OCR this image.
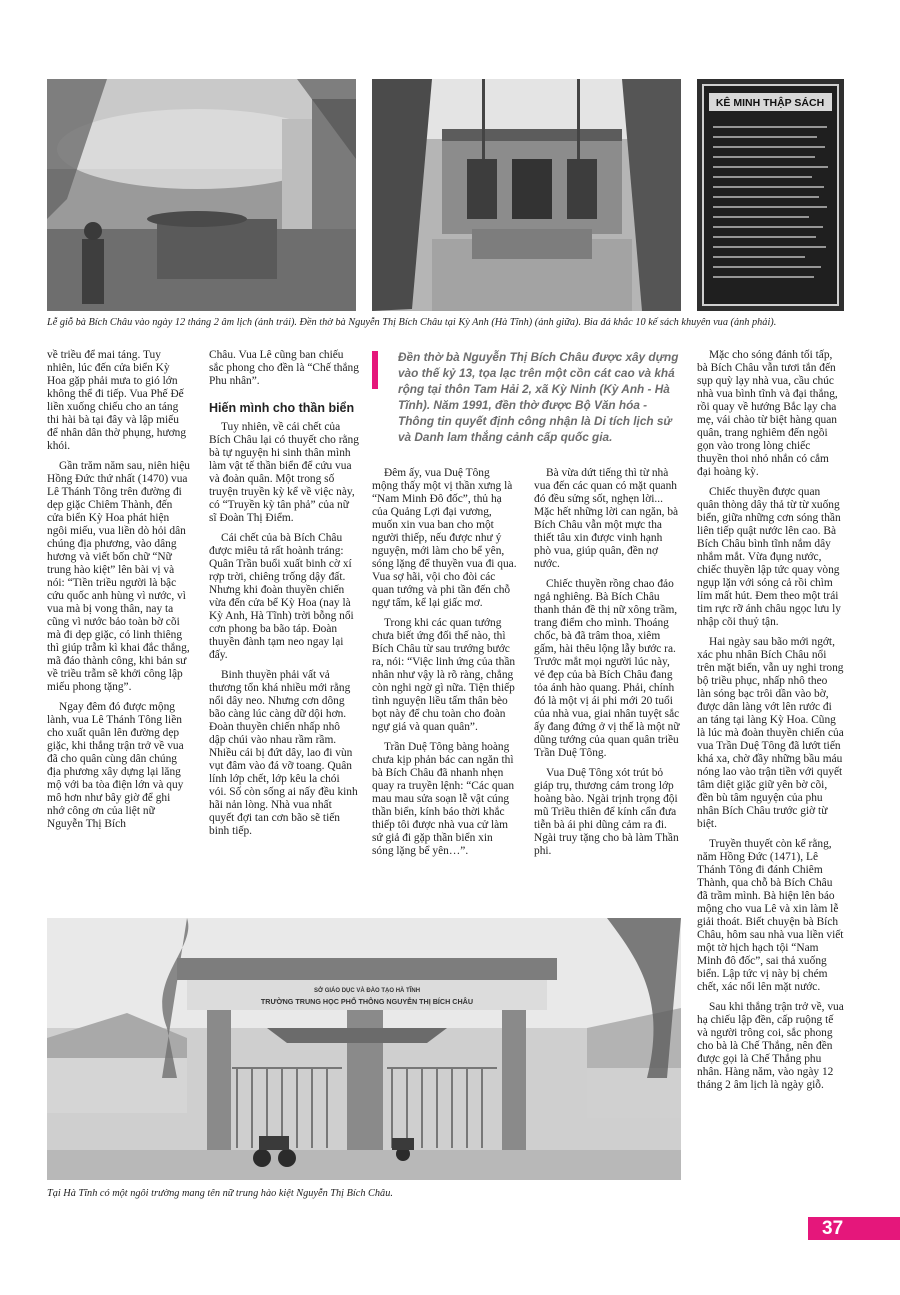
KÊ MINH THẬP SÁCH
Lễ giỗ bà Bích Châu vào ngày 12 tháng 2 âm lịch (ảnh trái). Đền thờ bà Nguyễn Thị Bích Châu tại Kỳ Anh (Hà Tĩnh) (ảnh giữa). Bia đá khắc 10 kế sách khuyên vua (ảnh phải).

về triều để mai táng. Tuy nhiên, lúc đến cửa biển Kỳ Hoa gặp phải mưa to gió lớn không thể đi tiếp. Vua Phế Đế liền xuống chiếu cho an táng thi hài bà tại đây và lập miếu để nhân dân thờ phụng, hương khói.

Gần trăm năm sau, niên hiệu Hồng Đức thứ nhất (1470) vua Lê Thánh Tông trên đường đi dẹp giặc Chiêm Thành, đến cửa biển Kỳ Hoa phát hiện ngôi miếu, vua liền dò hỏi dân chúng địa phương, vào dâng hương và viết bốn chữ “Nữ trung hào kiệt” lên bài vị và nói: “Tiền triều người là bậc cứu quốc anh hùng vì nước, vì vua mà bị vong thân, nay ta cũng vì nước bảo toàn bờ cõi mà đi dẹp giặc, có linh thiêng thì giúp trẫm kì khai đắc thắng, mã đáo thành công, khi bản sư về triều trẫm sẽ khởi công lập miếu phong tặng”.

Ngay đêm đó được mộng lành, vua Lê Thánh Tông liền cho xuất quân lên đường dẹp giặc, khi thắng trận trở về vua đã cho quân cùng dân chúng địa phương xây dựng lại lăng mộ với ba tòa điện lớn và quy mô hơn như bây giờ để ghi nhớ công ơn của liệt nữ Nguyễn Thị Bích

Châu. Vua Lê cũng ban chiếu sắc phong cho đền là “Chế thắng Phu nhân”.

Hiến mình cho thần biển

Tuy nhiên, về cái chết của Bích Châu lại có thuyết cho rằng bà tự nguyện hi sinh thân mình làm vật tế thần biển để cứu vua và đoàn quân. Một trong số truyện truyền kỳ kể về việc này, có “Truyền kỳ tân phả” của nữ sĩ Đoàn Thị Điểm.

Cái chết của bà Bích Châu được miêu tả rất hoành tráng: Quân Trần buổi xuất binh cờ xí rợp trời, chiêng trống dậy đất. Nhưng khi đoàn thuyền chiến vừa đến cửa bể Kỳ Hoa (nay là Kỳ Anh, Hà Tĩnh) trời bỗng nổi cơn phong ba bão táp. Đoàn thuyền đành tạm neo ngay lại đấy.

Binh thuyền phải vất vả thương tổn khá nhiều mới rằng nổi dây neo. Nhưng cơn dông bão càng lúc càng dữ dội hơn. Đoàn thuyền chiến nhấp nhô dập chúi vào nhau rầm rầm. Nhiều cái bị đứt dây, lao đi vùn vụt đâm vào đá vỡ toang. Quân lính lớp chết, lớp kêu la chói vói. Số còn sống ai nấy đều kinh hãi nản lòng. Nhà vua nhất quyết đợi tan cơn bão sẽ tiến binh tiếp.

Đền thờ bà Nguyễn Thị Bích Châu được xây dựng vào thế kỷ 13, tọa lạc trên một cồn cát cao và khá rộng tại thôn Tam Hải 2, xã Kỳ Ninh (Kỳ Anh - Hà Tĩnh). Năm 1991, đền thờ được Bộ Văn hóa - Thông tin quyết định công nhận là Di tích lịch sử và Danh lam thắng cảnh cấp quốc gia.

Đêm ấy, vua Duệ Tông mộng thấy một vị thần xưng là “Nam Minh Đô đốc”, thủ hạ của Quảng Lợi đại vương, muốn xin vua ban cho một người thiếp, nếu được như ý nguyện, mới làm cho bể yên, sóng lặng để thuyền vua đi qua. Vua sợ hãi, vội cho đòi các quan tướng và phi tần đến chỗ ngự tấm, kể lại giấc mơ.

Trong khi các quan tướng chưa biết ứng đối thế nào, thì Bích Châu từ sau trướng bước ra, nói: “Việc linh ứng của thần nhân như vậy là rõ ràng, chẳng còn nghi ngờ gì nữa. Tiện thiếp tình nguyện liều tấm thân bèo bọt này để chu toàn cho đoàn ngự giá và quan quân”.

Trần Duệ Tông bàng hoàng chưa kịp phản bác can ngăn thì bà Bích Châu đã nhanh nhẹn quay ra truyền lệnh: “Các quan mau mau sửa soạn lễ vật cúng thần biển, kính báo thời khắc thiếp tôi được nhà vua cử làm sứ giả đi gặp thần biển xin sóng lặng bể yên…”.

Bà vừa dứt tiếng thì từ nhà vua đến các quan có mặt quanh đó đều sửng sốt, nghẹn lời... Mặc hết những lời can ngăn, bà Bích Châu vẫn một mực tha thiết tâu xin được vinh hạnh phò vua, giúp quân, đền nợ nước.

Chiếc thuyền rồng chao đảo ngả nghiêng. Bà Bích Châu thanh thản đề thị nữ xông trầm, trang điểm cho mình. Thoáng chốc, bà đã trâm thoa, xiêm gấm, hài thêu lộng lẫy bước ra. Trước mắt mọi người lúc này, vẻ đẹp của bà Bích Châu đang tỏa ánh hào quang. Phải, chính đó là một vị ái phi mới 20 tuổi của nhà vua, giai nhân tuyệt sắc ấy đang đứng ở vị thế là một nữ dũng tướng của quan quân triều Trần Duệ Tông.

Vua Duệ Tông xót trút bỏ giáp trụ, thương cảm trong lớp hoàng bào. Ngài trịnh trọng đội mũ Triều thiên để kính cẩn đưa tiễn bà ái phi dũng cảm ra đi. Ngài truy tặng cho bà làm Thần phi.

Mặc cho sóng đánh tối tấp, bà Bích Châu vẫn tươi tắn đến sụp quỳ lạy nhà vua, cầu chúc nhà vua bình tĩnh và đại thắng, rồi quay về hướng Bắc lạy cha mẹ, vái chào từ biệt hàng quan quân, trang nghiêm đến ngồi gọn vào trong lòng chiếc thuyền thoi nhỏ nhắn có cắm đại hoàng kỳ.

Chiếc thuyền được quan quân thòng dây thả từ từ xuống biển, giữa những cơn sóng thần liên tiếp quật nước lên cao. Bà Bích Châu bình tĩnh nắm dây nhắm mắt. Vừa đụng nước, chiếc thuyền lập tức quay vòng ngụp lặn với sóng cả rồi chìm lỉm mất hút. Đem theo một trái tim rực rỡ ánh châu ngọc lưu ly nhập cõi thuỷ tận.

Hai ngày sau bão mới ngớt, xác phu nhân Bích Châu nổi trên mặt biển, vẫn uy nghi trong bộ triều phục, nhấp nhô theo làn sóng bạc trôi dần vào bờ, được dân làng vớt lên rước đi an táng tại làng Kỳ Hoa. Cũng là lúc mà đoàn thuyền chiến của vua Trần Duệ Tông đã lướt tiến khá xa, chờ đầy những bầu máu nóng lao vào trận tiền với quyết tâm diệt giặc giữ yên bờ cõi, đền bù tâm nguyện của phu nhân Bích Châu trước giờ từ biệt.

Truyền thuyết còn kể rằng, năm Hồng Đức (1471), Lê Thánh Tông đi đánh Chiêm Thành, qua chỗ bà Bích Châu đã trầm mình. Bà hiện lên báo mộng cho vua Lê và xin làm lễ giải thoát. Biết chuyện bà Bích Châu, hôm sau nhà vua liền viết một tờ hịch hạch tội “Nam Minh đô đốc”, sai thả xuống biển. Lập tức vị này bị chém chết, xác nổi lên mặt nước.

Sau khi thắng trận trở về, vua hạ chiếu lập đền, cấp ruộng tế và người trông coi, sắc phong cho bà là Chế Thắng, nên đền được gọi là Chế Thắng phu nhân. Hàng năm, vào ngày 12 tháng 2 âm lịch là ngày giỗ.

SỞ GIÁO DỤC VÀ ĐÀO TẠO HÀ TĨNH
TRƯỜNG TRUNG HỌC PHỔ THÔNG NGUYỄN THỊ BÍCH CHÂU
Tại Hà Tĩnh có một ngôi trường mang tên nữ trung hào kiệt Nguyễn Thị Bích Châu.
37
